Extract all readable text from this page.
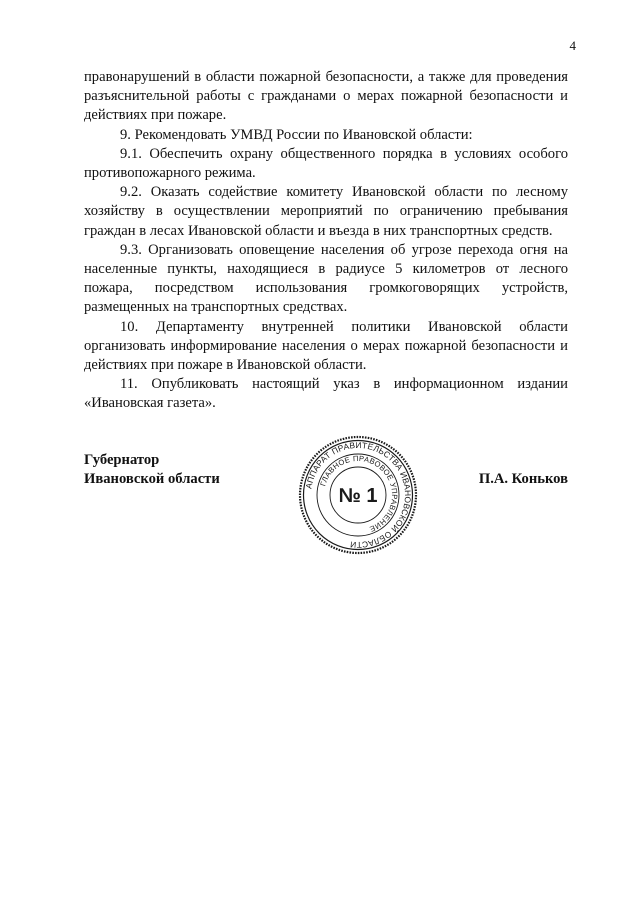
4

правонарушений в области пожарной безопасности, а также для проведения разъяснительной работы с гражданами о мерах пожарной безопасности и действиях при пожаре.

9. Рекомендовать УМВД России по Ивановской области:

9.1. Обеспечить охрану общественного порядка в условиях особого противопожарного режима.

9.2. Оказать содействие комитету Ивановской области по лесному хозяйству в осуществлении мероприятий по ограничению пребывания граждан в лесах Ивановской области и въезда в них транспортных средств.

9.3. Организовать оповещение населения об угрозе перехода огня на населенные пункты, находящиеся в радиусе 5 километров от лесного пожара, посредством использования громкоговорящих устройств, размещенных на транспортных средствах.

10. Департаменту внутренней политики Ивановской области организовать информирование населения о мерах пожарной безопасности и действиях при пожаре в Ивановской области.

11. Опубликовать настоящий указ в информационном издании «Ивановская газета».

Губернатор
Ивановской области	П.А. Коньков
АППАРАТ ПРАВИТЕЛЬСТВА ИВАНОВСКОЙ ОБЛАСТИ
ГЛАВНОЕ ПРАВОВОЕ УПРАВЛЕНИЕ
№ 1
